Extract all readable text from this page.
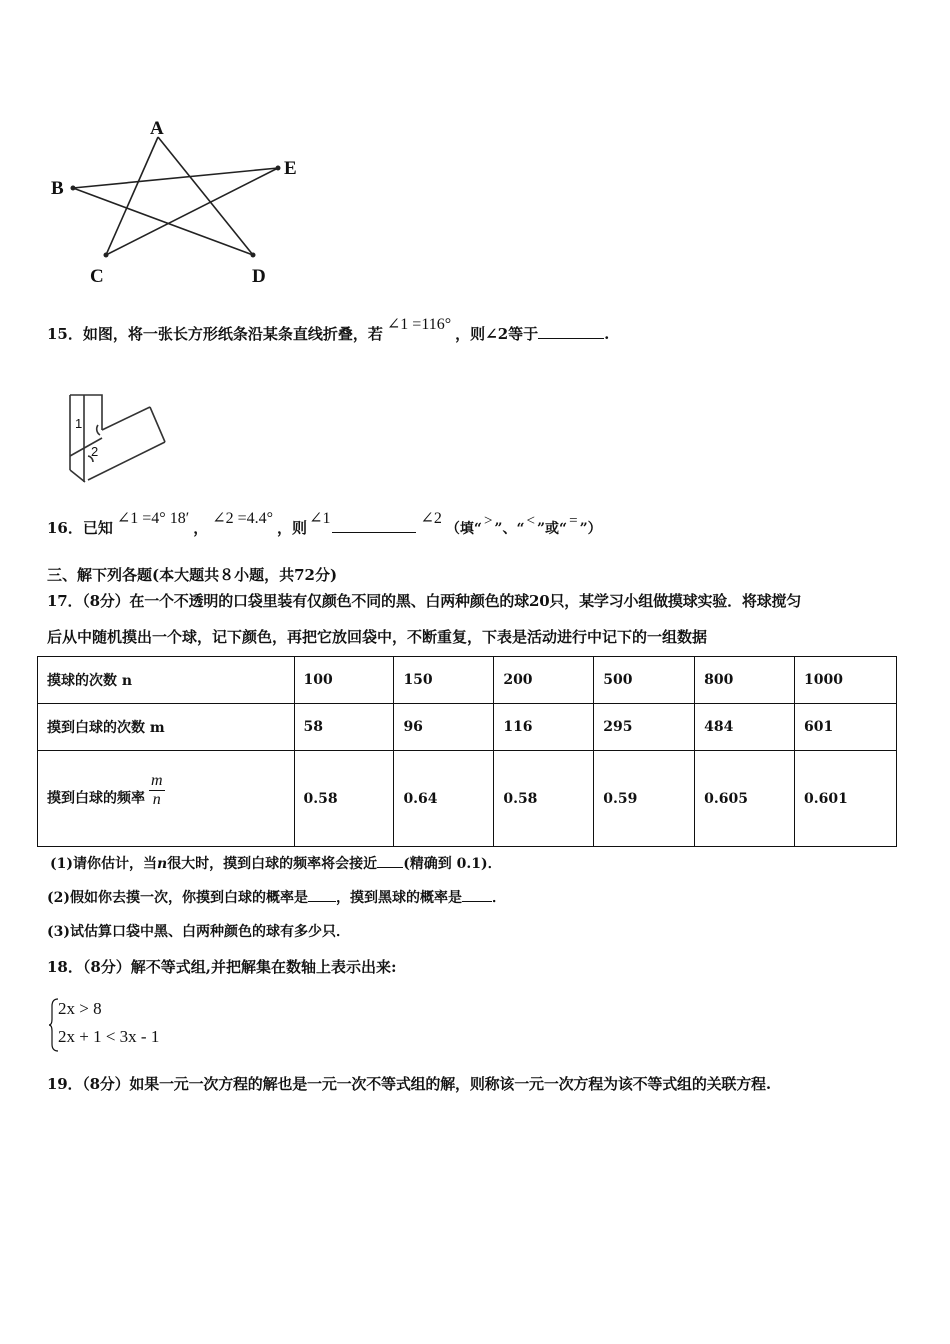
A
B
C	D
E
15．如图，将一张长方形纸条沿某条直线折叠，若∠1 =116°，则∠2等于	.
1
2
16．已知∠1 =4° 18′，∠2 =4.4°，则∠1	∠2（填“ > ”、“ < ”或“ = ”）
三、解下列各题(本大题共８小题，共72分)
17．（8分）在一个不透明的口袋里装有仅颜色不同的黑、白两种颜色的球20只，某学习小组做摸球实验．将球搅匀
后从中随机摸出一个球，记下颜色，再把它放回袋中，不断重复，下表是活动进行中记下的一组数据
摸球的次数 n	100	150	200	500	800	1000
摸到白球的次数 m	58	96	116	295	484	601
摸到白球的频率 $\frac{m}{n}$	0.58	0.64	0.58	0.59	0.605	0.601
(1)请你估计，当n很大时，摸到白球的频率将会接近 (精确到 0.1)．
(2)假如你去摸一次，你摸到白球的概率是 ，摸到黑球的概率是 ．
(3)试估算口袋中黑、白两种颜色的球有多少只．
18．（8分）解不等式组,并把解集在数轴上表示出来:
2x > 8
2x + 1 < 3x - 1
19．（8分）如果一元一次方程的解也是一元一次不等式组的解，则称该一元一次方程为该不等式组的关联方程.
